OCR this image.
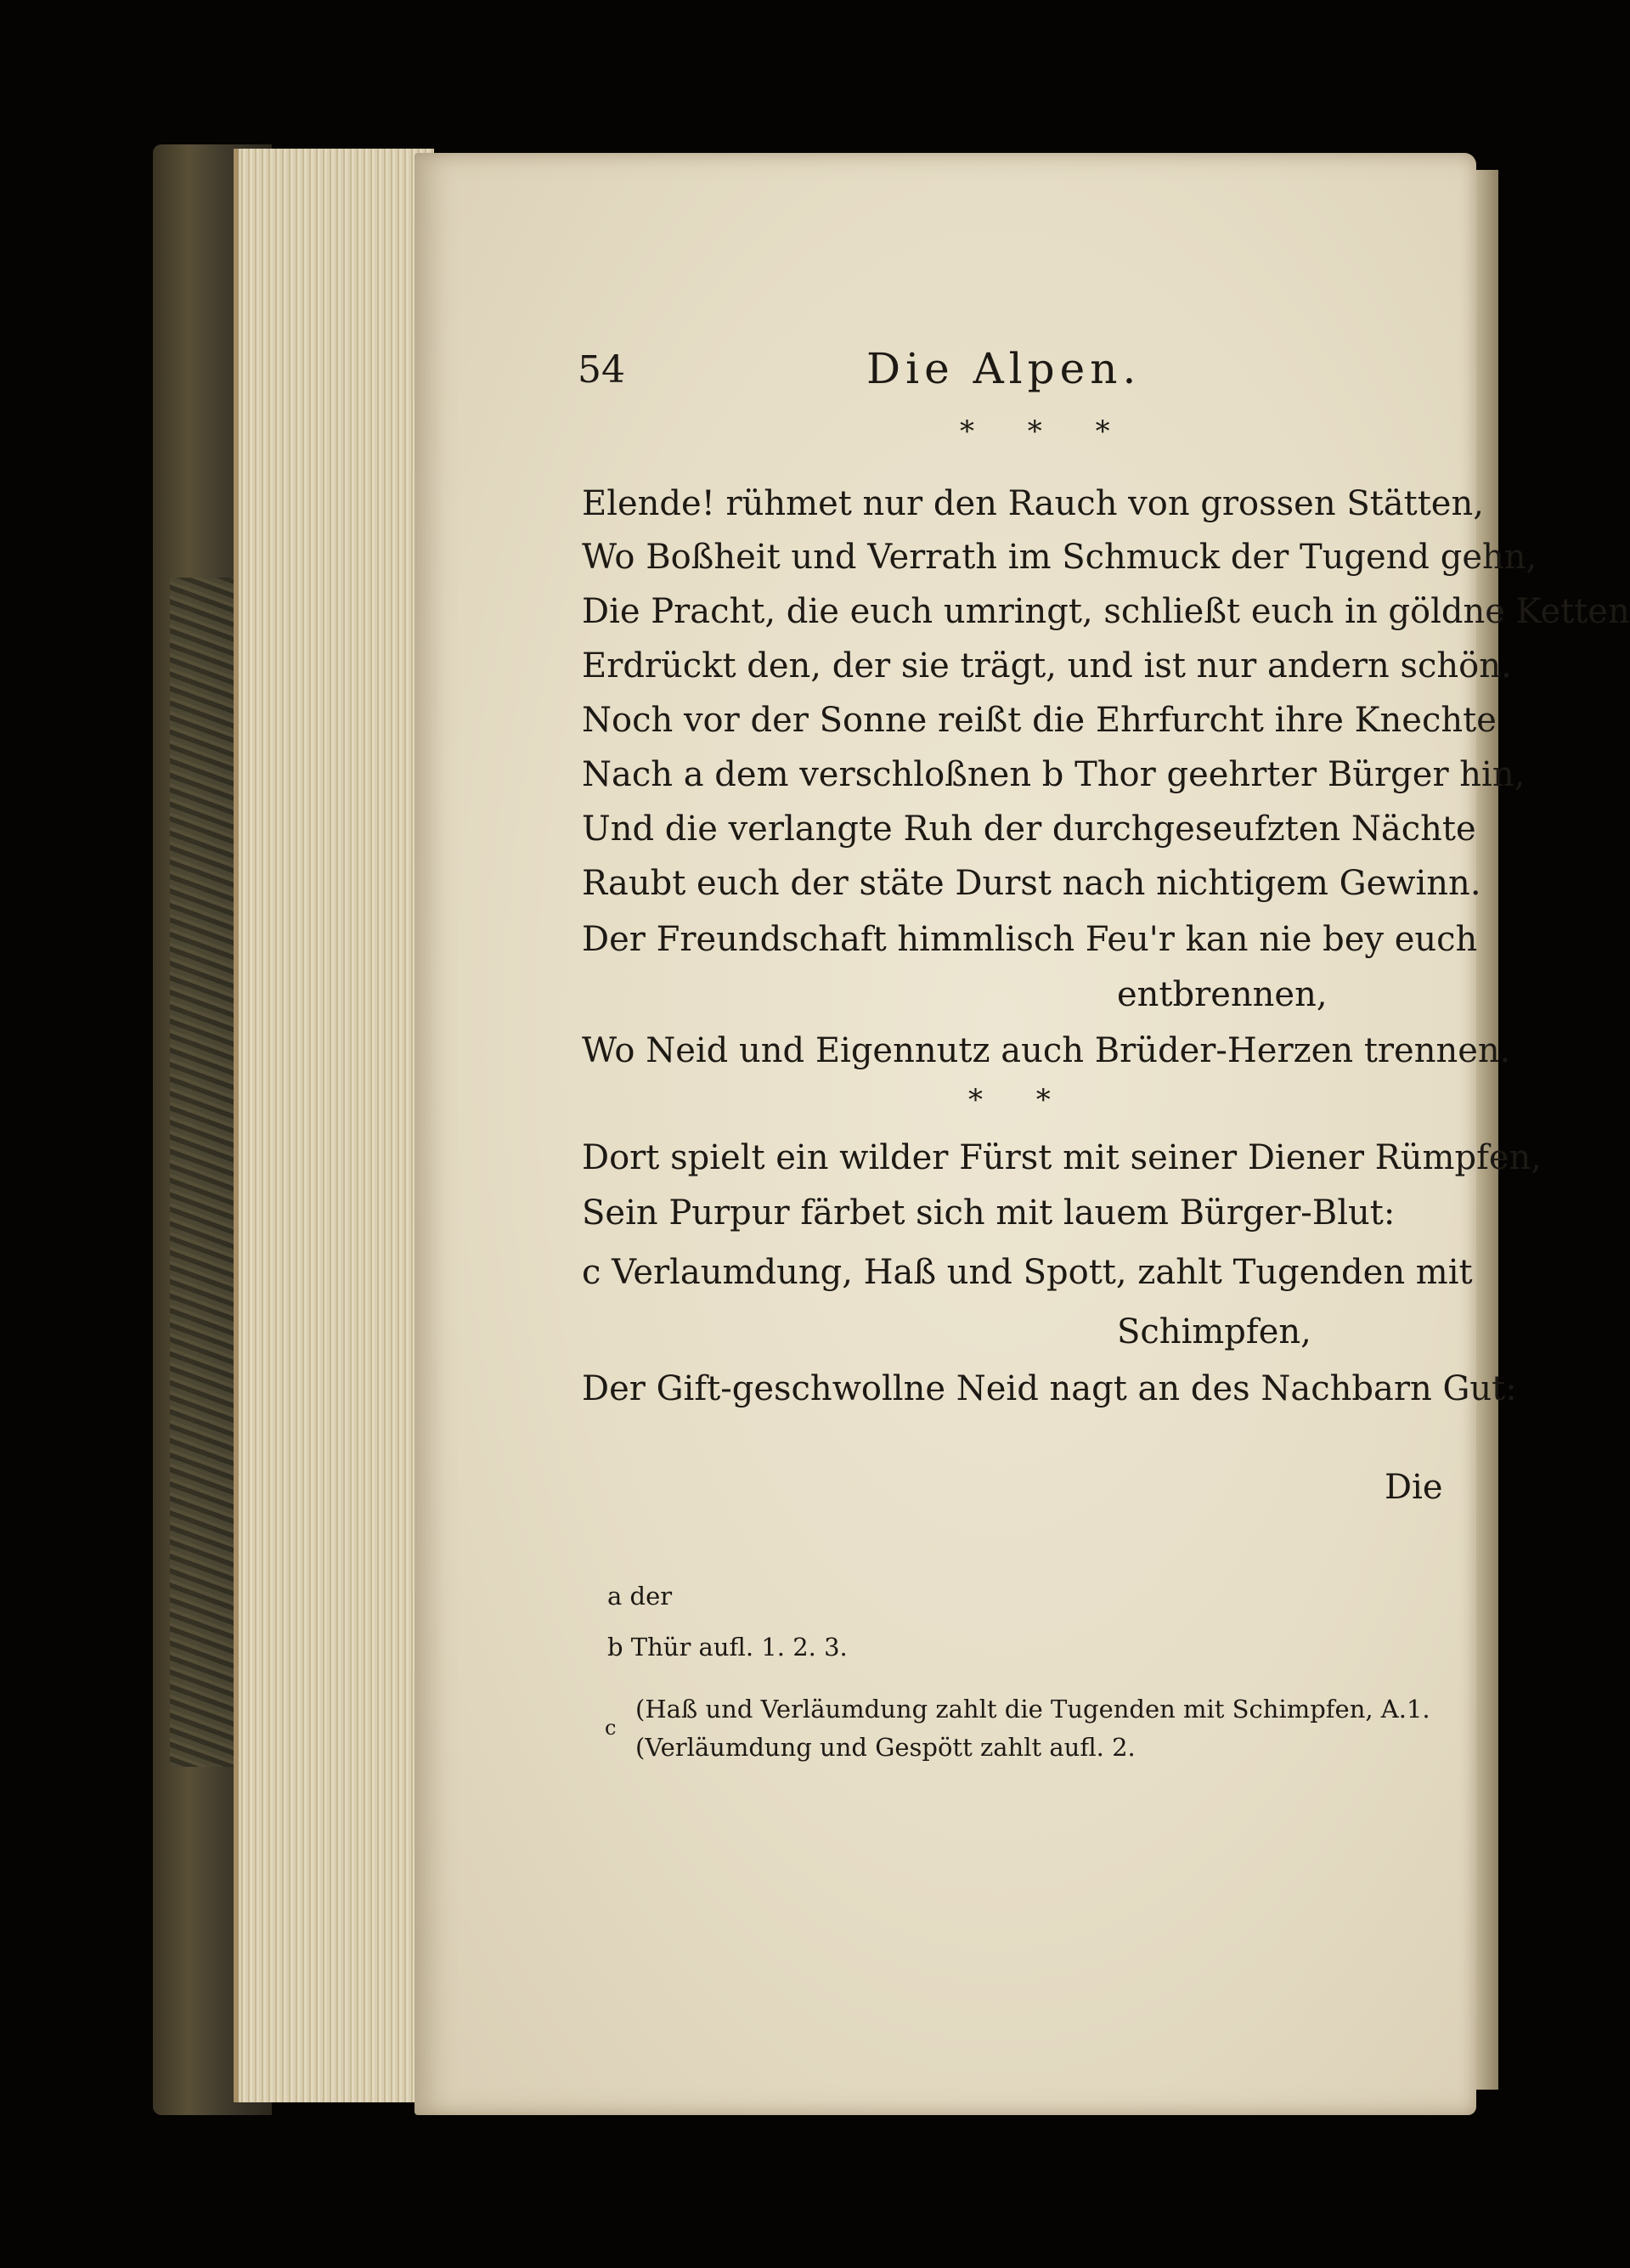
54	Die Alpen.
* * *
Elende! rühmet nur den Rauch von grossen Stätten,
Wo Boßheit und Verrath im Schmuck der Tugend gehn,
Die Pracht, die euch umringt, schließt euch in göldne Ketten
Erdrückt den, der sie trägt, und ist nur andern schön.
Noch vor der Sonne reißt die Ehrfurcht ihre Knechte
Nach a dem verschloßnen b Thor geehrter Bürger hin,
Und die verlangte Ruh der durchgeseufzten Nächte
Raubt euch der stäte Durst nach nichtigem Gewinn.
Der Freundschaft himmlisch Feu'r kan nie bey euch
entbrennen,
Wo Neid und Eigennutz auch Brüder-Herzen trennen.
* *
Dort spielt ein wilder Fürst mit seiner Diener Rümpfen,
Sein Purpur färbet sich mit lauem Bürger-Blut:
c Verlaumdung, Haß und Spott, zahlt Tugenden mit
Schimpfen,
Der Gift-geschwollne Neid nagt an des Nachbarn Gut:
Die
a der
b Thür aufl. 1. 2. 3.
c
(Haß und Verläumdung zahlt die Tugenden mit Schimpfen, A.1.
(Verläumdung und Gespött zahlt aufl. 2.
